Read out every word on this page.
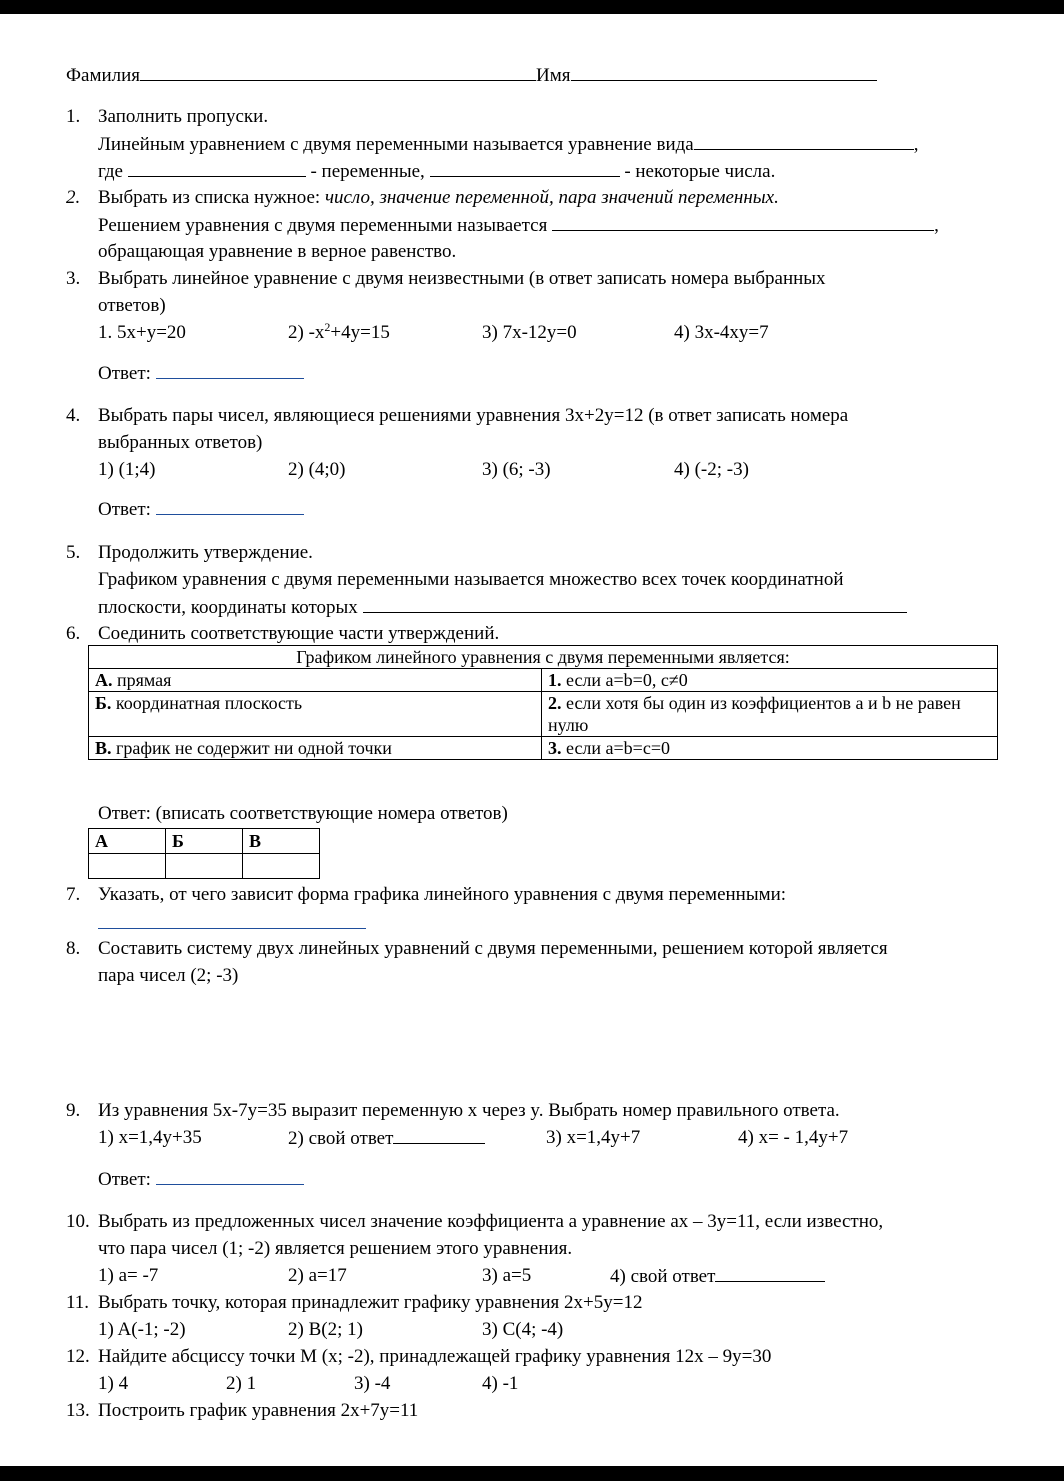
Фамилия	Имя
1. Заполнить пропуски.
Линейным уравнением с двумя переменными называется уравнение вида	,
где	- переменные,	- некоторые числа.
2. Выбрать из списка нужное: число, значение переменной, пара значений переменных.
Решением уравнения с двумя переменными называется	,
обращающая уравнение в верное равенство.
3. Выбрать линейное уравнение с двумя неизвестными (в ответ записать номера выбранных
ответов)
1. 5x+y=20	2) $-x^2+4y=15$	3) 7x-12y=0	4) 3x-4xy=7
Ответ:
4. Выбрать пары чисел, являющиеся решениями уравнения 3x+2y=12 (в ответ записать номера
выбранных ответов)
1) (1;4)	2) (4;0)	3) (6; -3)	4) (-2; -3)
Ответ:
5. Продолжить утверждение.
Графиком уравнения с двумя переменными называется множество всех точек координатной
плоскости, координаты которых
6. Соединить соответствующие части утверждений.
Графиком линейного уравнения с двумя переменными является:	
А. прямая	1. если a=b=0, c≠0
Б. координатная плоскость	2. если хотя бы один из коэффициентов a и b не равен нулю
В. график не содержит ни одной точки	3. если a=b=c=0
Ответ: (вписать соответствующие номера ответов)
А	Б	В

7. Указать, от чего зависит форма графика линейного уравнения с двумя переменными:
8. Составить систему двух линейных уравнений с двумя переменными, решением которой является
пара чисел (2; -3)
9. Из уравнения 5x-7y=35 выразит переменную x через y. Выбрать номер правильного ответа.
1) x=1,4y+35	2) свой ответ	3) x=1,4y+7	4) x= - 1,4y+7
Ответ:
10. Выбрать из предложенных чисел значение коэффициента a уравнение ax – 3y=11, если известно,
что пара чисел (1; -2) является решением этого уравнения.
1) a= -7	2) a=17	3) a=5	4) свой ответ
11. Выбрать точку, которая принадлежит графику уравнения 2x+5y=12
1) A(-1; -2)	2) B(2; 1)	3) C(4; -4)
12. Найдите абсциссу точки M (x; -2), принадлежащей графику уравнения 12x – 9y=30
1) 4	2) 1	3) -4	4) -1
13. Построить график уравнения 2x+7y=11
